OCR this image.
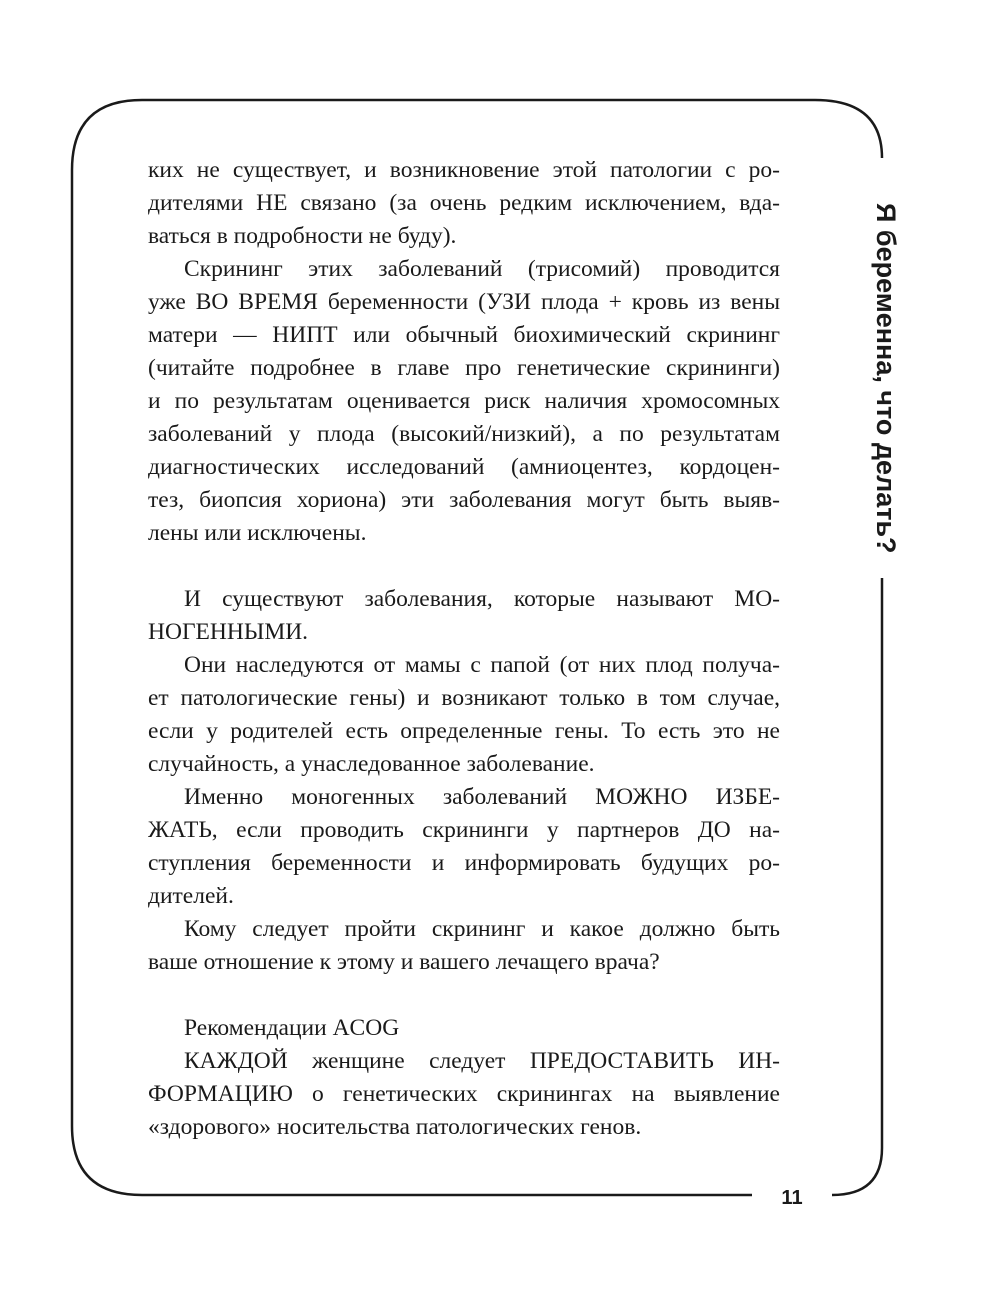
ких не существует, и возникновение этой патологии с ро-
дителями НЕ связано (за очень редким исключением, вда-
ваться в подробности не буду).
Скрининг этих заболеваний (трисомий) проводится
уже ВО ВРЕМЯ беременности (УЗИ плода + кровь из вены
матери — НИПТ или обычный биохимический скрининг
(читайте подробнее в главе про генетические скрининги)
и по результатам оценивается риск наличия хромосомных
заболеваний у плода (высокий/низкий), а по результатам
диагностических исследований (амниоцентез, кордоцен-
тез, биопсия хориона) эти заболевания могут быть выяв-
лены или исключены.
И существуют заболевания, которые называют МО-
НОГЕННЫМИ.
Они наследуются от мамы с папой (от них плод получа-
ет патологические гены) и возникают только в том случае,
если у родителей есть определенные гены. То есть это не
случайность, а унаследованное заболевание.
Именно моногенных заболеваний МОЖНО ИЗБЕ-
ЖАТЬ, если проводить скрининги у партнеров ДО на-
ступления беременности и информировать будущих ро-
дителей.
Кому следует пройти скрининг и какое должно быть
ваше отношение к этому и вашего лечащего врача?
Рекомендации ACOG
КАЖДОЙ женщине следует ПРЕДОСТАВИТЬ ИН-
ФОРМАЦИЮ о генетических скринингах на выявление
«здорового» носительства патологических генов.
Я беременна, что делать?
11
